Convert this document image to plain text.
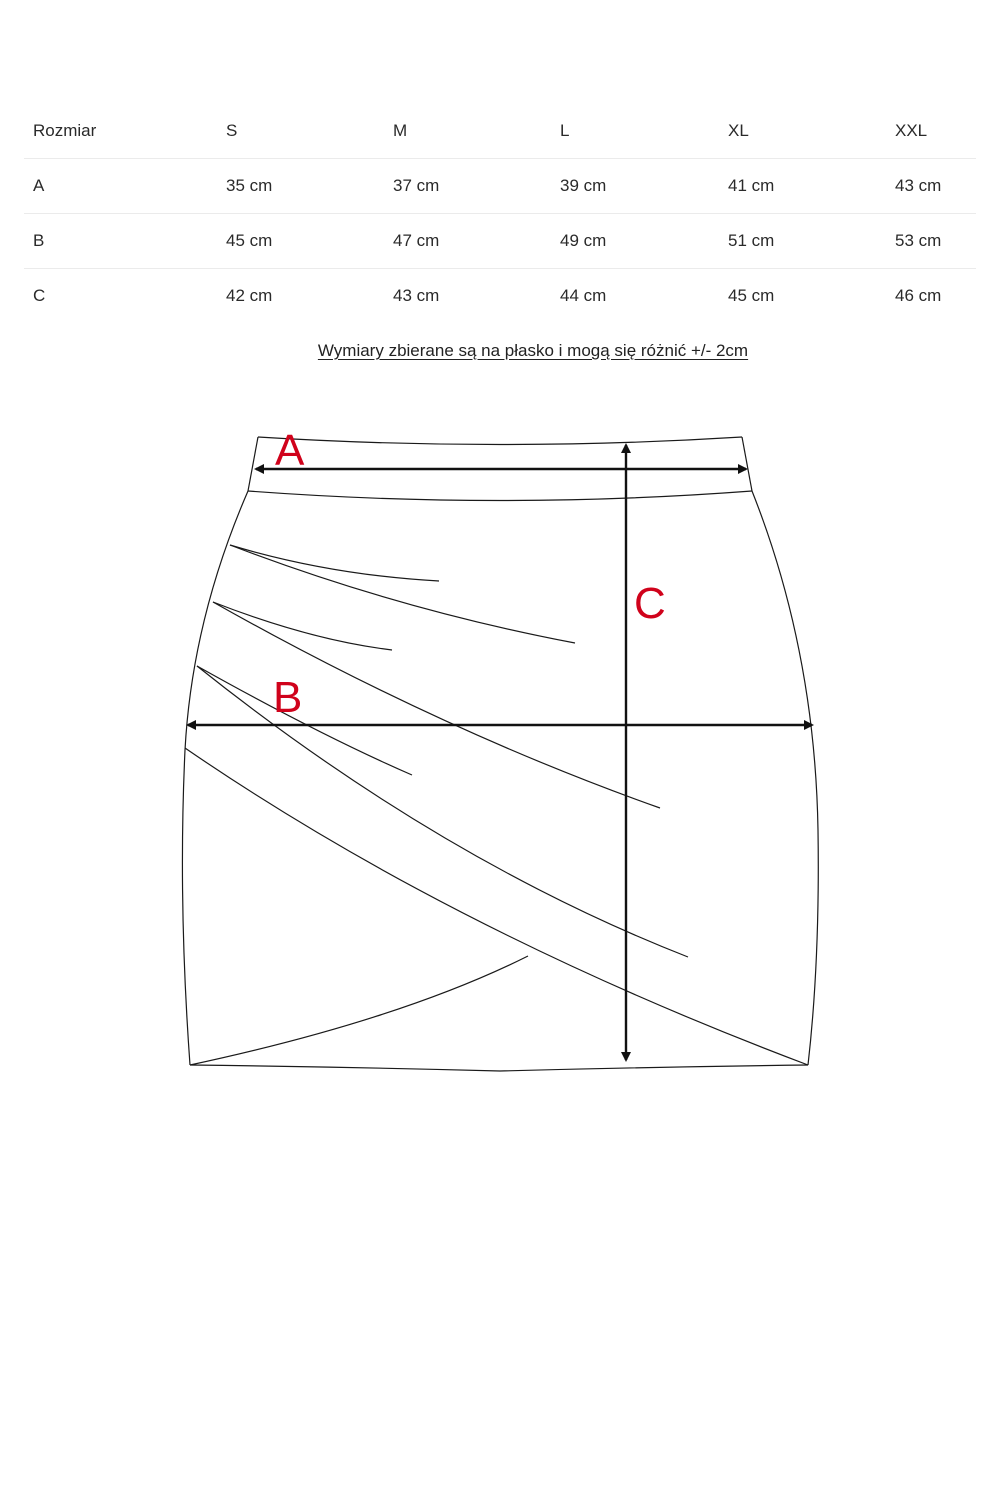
Rozmiar	S	M	L	XL	XXL
A	35 cm	37 cm	39 cm	41 cm	43 cm
B	45 cm	47 cm	49 cm	51 cm	53 cm
C	42 cm	43 cm	44 cm	45 cm	46 cm
Wymiary zbierane są na płasko i mogą się różnić +/- 2cm
A
B
C
